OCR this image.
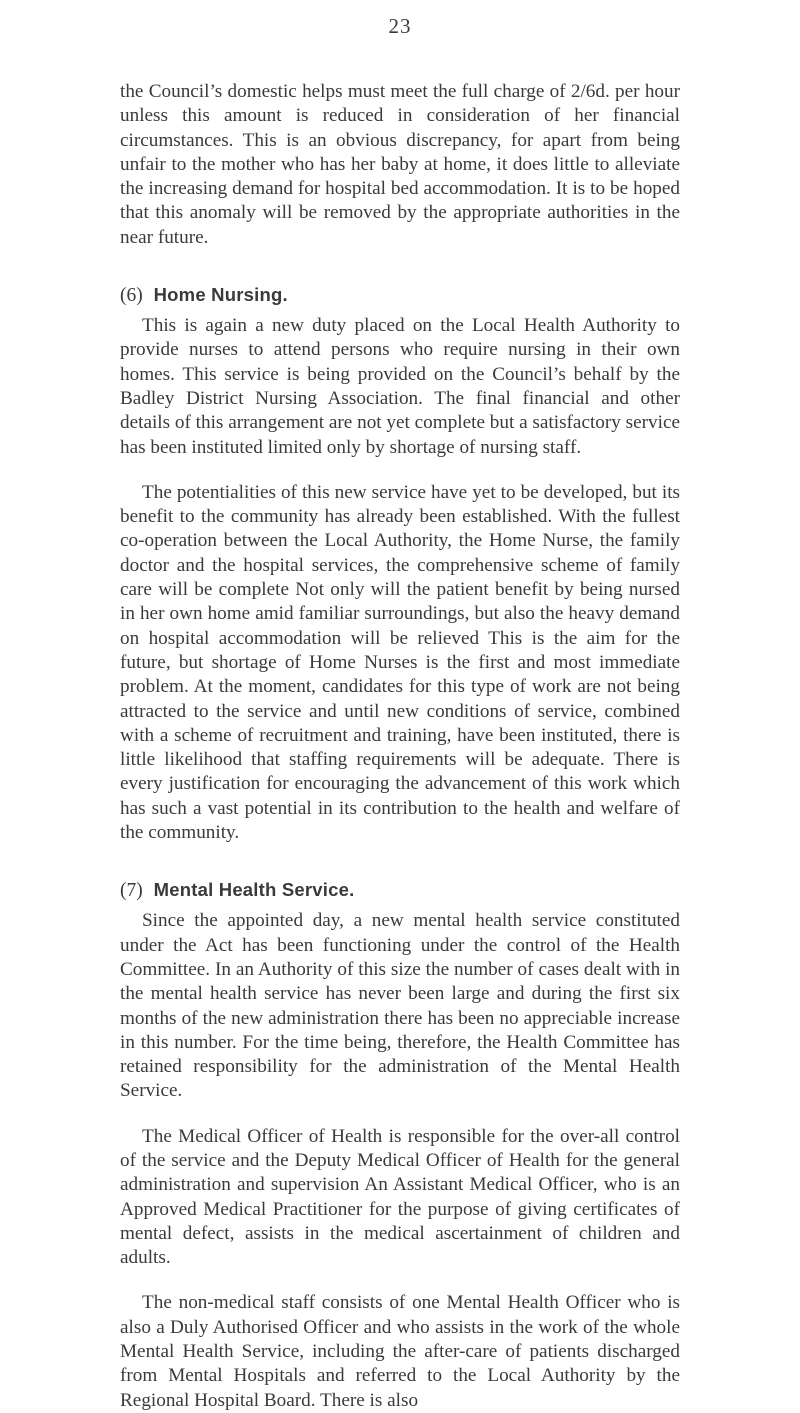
23

the Council’s domestic helps must meet the full charge of 2/6d. per hour unless this amount is reduced in consideration of her financial circumstances. This is an obvious discrepancy, for apart from being unfair to the mother who has her baby at home, it does little to alleviate the increasing demand for hospital bed accommodation. It is to be hoped that this anomaly will be removed by the appropriate authorities in the near future.

(6) Home Nursing.

This is again a new duty placed on the Local Health Authority to provide nurses to attend persons who require nursing in their own homes. This service is being provided on the Council’s behalf by the Badley District Nursing Association. The final financial and other details of this arrangement are not yet complete but a satisfactory service has been instituted limited only by shortage of nursing staff.

The potentialities of this new service have yet to be developed, but its benefit to the community has already been established. With the fullest co-operation between the Local Authority, the Home Nurse, the family doctor and the hospital services, the comprehensive scheme of family care will be complete Not only will the patient benefit by being nursed in her own home amid familiar surroundings, but also the heavy demand on hospital accommodation will be relieved This is the aim for the future, but shortage of Home Nurses is the first and most immediate problem. At the moment, candidates for this type of work are not being attracted to the service and until new conditions of service, combined with a scheme of recruitment and training, have been instituted, there is little likelihood that staffing requirements will be adequate. There is every justification for encouraging the advancement of this work which has such a vast potential in its contribution to the health and welfare of the community.

(7) Mental Health Service.

Since the appointed day, a new mental health service constituted under the Act has been functioning under the control of the Health Committee. In an Authority of this size the number of cases dealt with in the mental health service has never been large and during the first six months of the new administration there has been no appreciable increase in this number. For the time being, therefore, the Health Committee has retained responsibility for the administration of the Mental Health Service.

The Medical Officer of Health is responsible for the over-all control of the service and the Deputy Medical Officer of Health for the general administration and supervision An Assistant Medical Officer, who is an Approved Medical Practitioner for the purpose of giving certificates of mental defect, assists in the medical ascertainment of children and adults.

The non-medical staff consists of one Mental Health Officer who is also a Duly Authorised Officer and who assists in the work of the whole Mental Health Service, including the after-care of patients discharged from Mental Hospitals and referred to the Local Authority by the Regional Hospital Board. There is also
